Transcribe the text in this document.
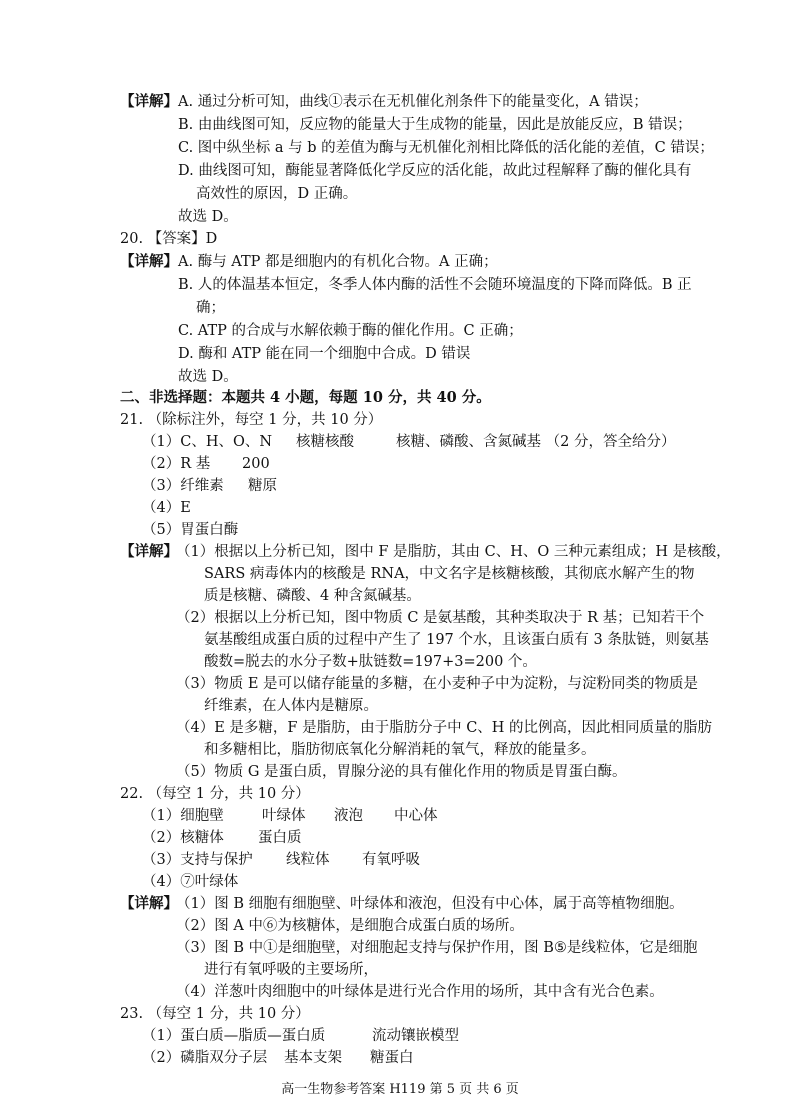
【详解】 A. 通过分析可知，曲线①表示在无机催化剂条件下的能量变化，A 错误；
B. 由曲线图可知，反应物的能量大于生成物的能量，因此是放能反应，B 错误；
C. 图中纵坐标 a 与 b 的差值为酶与无机催化剂相比降低的活化能的差值，C 错误；
D. 曲线图可知，酶能显著降低化学反应的活化能，故此过程解释了酶的催化具有
高效性的原因，D 正确。
故选 D。
20. 【答案】D
【详解】 A. 酶与 ATP 都是细胞内的有机化合物。A 正确；
B. 人的体温基本恒定，冬季人体内酶的活性不会随环境温度的下降而降低。B 正
确；
C. ATP 的合成与水解依赖于酶的催化作用。C 正确；
D. 酶和 ATP 能在同一个细胞中合成。D 错误
故选 D。
二、非选择题：本题共 4 小题，每题 10 分，共 40 分。
21. （除标注外，每空 1 分，共 10 分）
（1）C、H、O、N 核糖核酸	核糖、磷酸、含氮碱基 （2 分，答全给分）
（2）R 基 200
（3）纤维素 糖原
（4）E
（5）胃蛋白酶
【详解】
（1）根据以上分析已知，图中 F 是脂肪，其由 C、H、O 三种元素组成；H 是核酸，
SARS 病毒体内的核酸是 RNA，中文名字是核糖核酸，其彻底水解产生的物
质是核糖、磷酸、4 种含氮碱基。
（2）根据以上分析已知，图中物质 C 是氨基酸，其种类取决于 R 基；已知若干个
氨基酸组成蛋白质的过程中产生了 197 个水，且该蛋白质有 3 条肽链，则氨基
酸数=脱去的水分子数+肽链数=197+3=200 个。
（3）物质 E 是可以储存能量的多糖，在小麦种子中为淀粉，与淀粉同类的物质是
纤维素，在人体内是糖原。
（4）E 是多糖，F 是脂肪，由于脂肪分子中 C、H 的比例高，因此相同质量的脂肪
和多糖相比，脂肪彻底氧化分解消耗的氧气，释放的能量多。
（5）物质 G 是蛋白质，胃腺分泌的具有催化作用的物质是胃蛋白酶。
22. （每空 1 分，共 10 分）
（1）细胞壁	叶绿体 液泡 中心体
（2）核糖体 蛋白质
（3）支持与保护 线粒体 有氧呼吸
（4）⑦叶绿体
【详解】
（1）图 B 细胞有细胞壁、叶绿体和液泡，但没有中心体，属于高等植物细胞。
（2）图 A 中⑥为核糖体，是细胞合成蛋白质的场所。
（3）图 B 中①是细胞壁，对细胞起支持与保护作用，图 B⑤是线粒体，它是细胞
进行有氧呼吸的主要场所，
（4）洋葱叶肉细胞中的叶绿体是进行光合作用的场所，其中含有光合色素。
23. （每空 1 分，共 10 分）
（1）蛋白质—脂质—蛋白质	流动镶嵌模型
（2）磷脂双分子层 基本支架 糖蛋白
高一生物参考答案 H119 第 5 页 共 6 页
